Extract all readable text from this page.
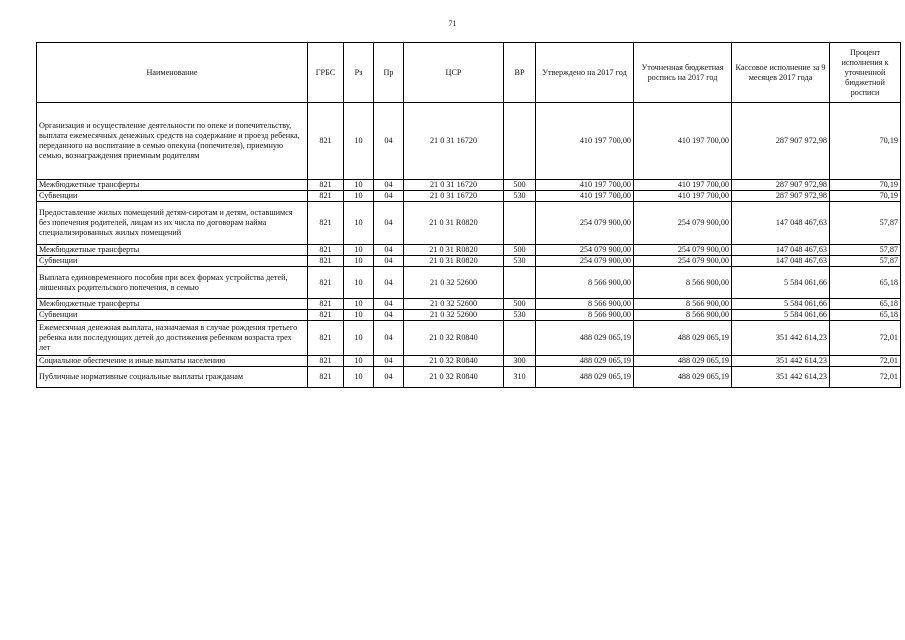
71
Наименование	ГРБС	Рз	Пр	ЦСР	ВР	Утверждено на 2017 год	Уточненная бюджетная роспись на 2017 год	Кассовое исполнение за 9 месяцев 2017 года	Процент исполнения к уточненной бюджетной росписи
Организация и осуществление деятельности по опеке и попечительству, выплата ежемесячных денежных средств на содержание и проезд ребенка, переданного на воспитание в семью опекуна (попечителя), приемную семью, вознаграждения приемным родителям	821	10	04	21 0 31 16720		410 197 700,00	410 197 700,00	287 907 972,98	70,19
Межбюджетные трансферты	821	10	04	21 0 31 16720	500	410 197 700,00	410 197 700,00	287 907 972,98	70,19
Субвенции	821	10	04	21 0 31 16720	530	410 197 700,00	410 197 700,00	287 907 972,98	70,19
Предоставление жилых помещений детям-сиротам и детям, оставшимся без попечения родителей, лицам из их числа по договорам найма специализированных жилых помещений	821	10	04	21 0 31 R0820		254 079 900,00	254 079 900,00	147 048 467,63	57,87
Межбюджетные трансферты	821	10	04	21 0 31 R0820	500	254 079 900,00	254 079 900,00	147 048 467,63	57,87
Субвенции	821	10	04	21 0 31 R0820	530	254 079 900,00	254 079 900,00	147 048 467,63	57,87
Выплата единовременного пособия при всех формах устройства детей, лишенных родительского попечения, в семью	821	10	04	21 0 32 52600		8 566 900,00	8 566 900,00	5 584 061,66	65,18
Межбюджетные трансферты	821	10	04	21 0 32 52600	500	8 566 900,00	8 566 900,00	5 584 061,66	65,18
Субвенции	821	10	04	21 0 32 52600	530	8 566 900,00	8 566 900,00	5 584 061,66	65,18
Ежемесячная денежная выплата, назначаемая в случае рождения третьего ребенка или последующих детей до достижения ребенком возраста трех лет	821	10	04	21 0 32 R0840		488 029 065,19	488 029 065,19	351 442 614,23	72,01
Социальное обеспечение и иные выплаты населению	821	10	04	21 0 32 R0840	300	488 029 065,19	488 029 065,19	351 442 614,23	72,01
Публичные нормативные социальные выплаты гражданам	821	10	04	21 0 32 R0840	310	488 029 065,19	488 029 065,19	351 442 614,23	72,01
